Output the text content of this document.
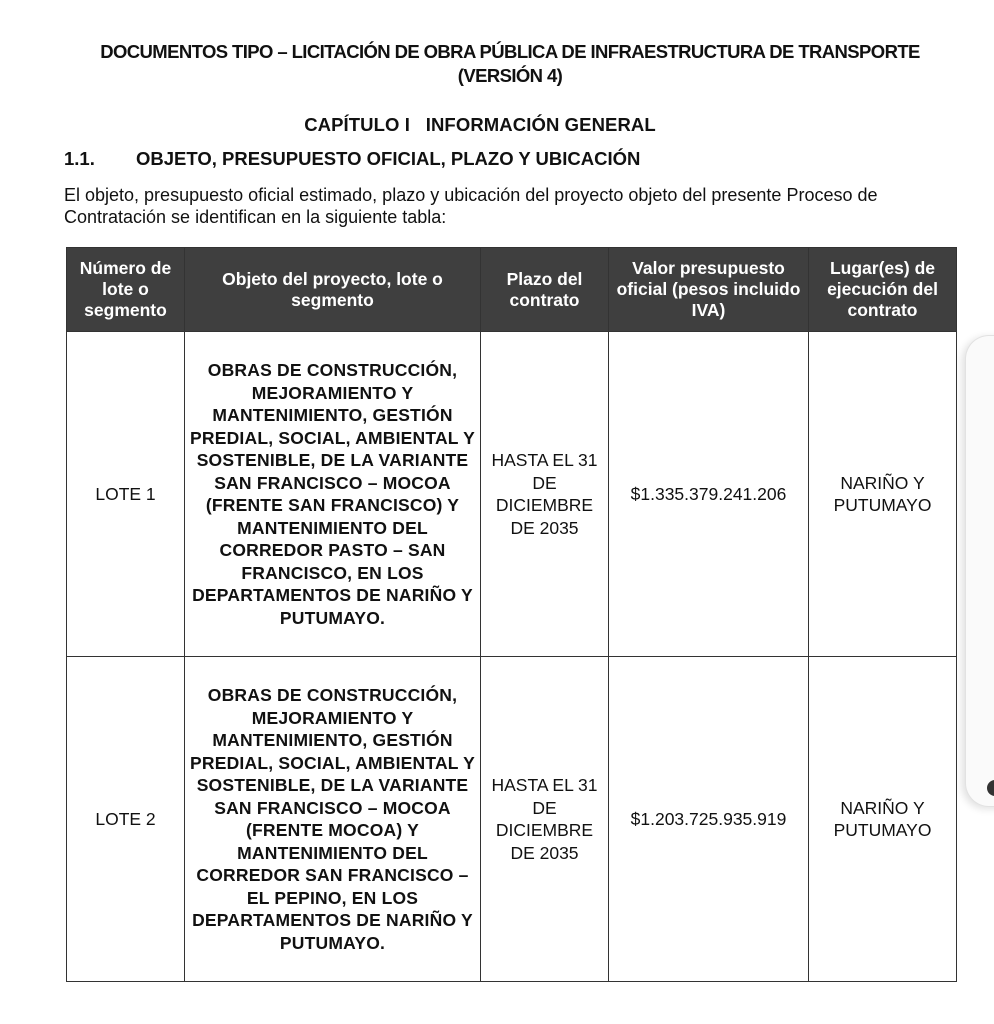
DOCUMENTOS TIPO – LICITACIÓN DE OBRA PÚBLICA DE INFRAESTRUCTURA DE TRANSPORTE
(VERSIÓN 4)
CAPÍTULO I   INFORMACIÓN GENERAL
1.1. OBJETO, PRESUPUESTO OFICIAL, PLAZO Y UBICACIÓN
El objeto, presupuesto oficial estimado, plazo y ubicación del proyecto objeto del presente Proceso de Contratación se identifican en la siguiente tabla:
Número de lote o segmento	Objeto del proyecto, lote o segmento	Plazo del contrato	Valor presupuesto oficial (pesos incluido IVA)	Lugar(es) de ejecución del contrato
LOTE 1	OBRAS DE CONSTRUCCIÓN, MEJORAMIENTO Y MANTENIMIENTO, GESTIÓN PREDIAL, SOCIAL, AMBIENTAL Y SOSTENIBLE, DE LA VARIANTE SAN FRANCISCO – MOCOA (FRENTE SAN FRANCISCO) Y MANTENIMIENTO DEL CORREDOR PASTO – SAN FRANCISCO, EN LOS DEPARTAMENTOS DE NARIÑO Y PUTUMAYO.	HASTA EL 31 DE DICIEMBRE DE 2035	$1.335.379.241.206	NARIÑO Y PUTUMAYO
LOTE 2	OBRAS DE CONSTRUCCIÓN, MEJORAMIENTO Y MANTENIMIENTO, GESTIÓN PREDIAL, SOCIAL, AMBIENTAL Y SOSTENIBLE, DE LA VARIANTE SAN FRANCISCO – MOCOA (FRENTE MOCOA) Y MANTENIMIENTO DEL CORREDOR SAN FRANCISCO – EL PEPINO, EN LOS DEPARTAMENTOS DE NARIÑO Y PUTUMAYO.	HASTA EL 31 DE DICIEMBRE DE 2035	$1.203.725.935.919	NARIÑO Y PUTUMAYO
